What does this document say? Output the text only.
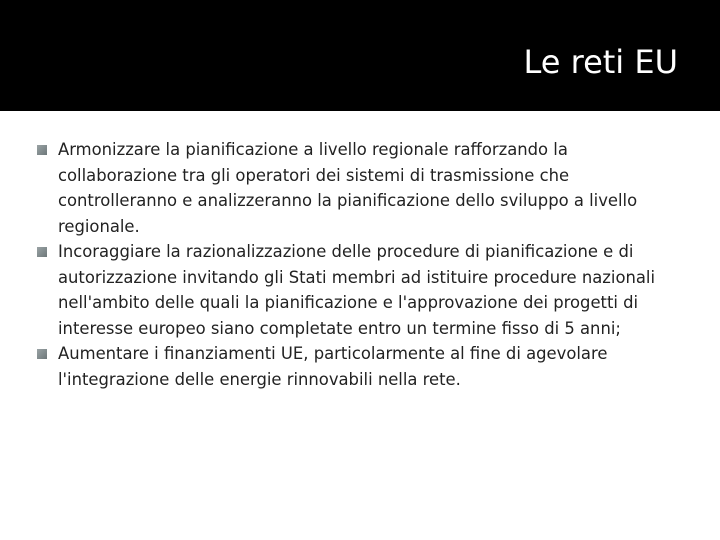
Le reti EU
Armonizzare la pianificazione a livello regionale rafforzando la collaborazione tra gli operatori dei sistemi di trasmissione che controlleranno e analizzeranno la pianificazione dello sviluppo a livello regionale.
Incoraggiare la razionalizzazione delle procedure di pianificazione e di autorizzazione invitando gli Stati membri ad istituire procedure nazionali nell'ambito delle quali la pianificazione e l'approvazione dei progetti di interesse europeo siano completate entro un termine fisso di 5 anni;
Aumentare i finanziamenti UE, particolarmente al fine di agevolare l'integrazione delle energie rinnovabili nella rete.
